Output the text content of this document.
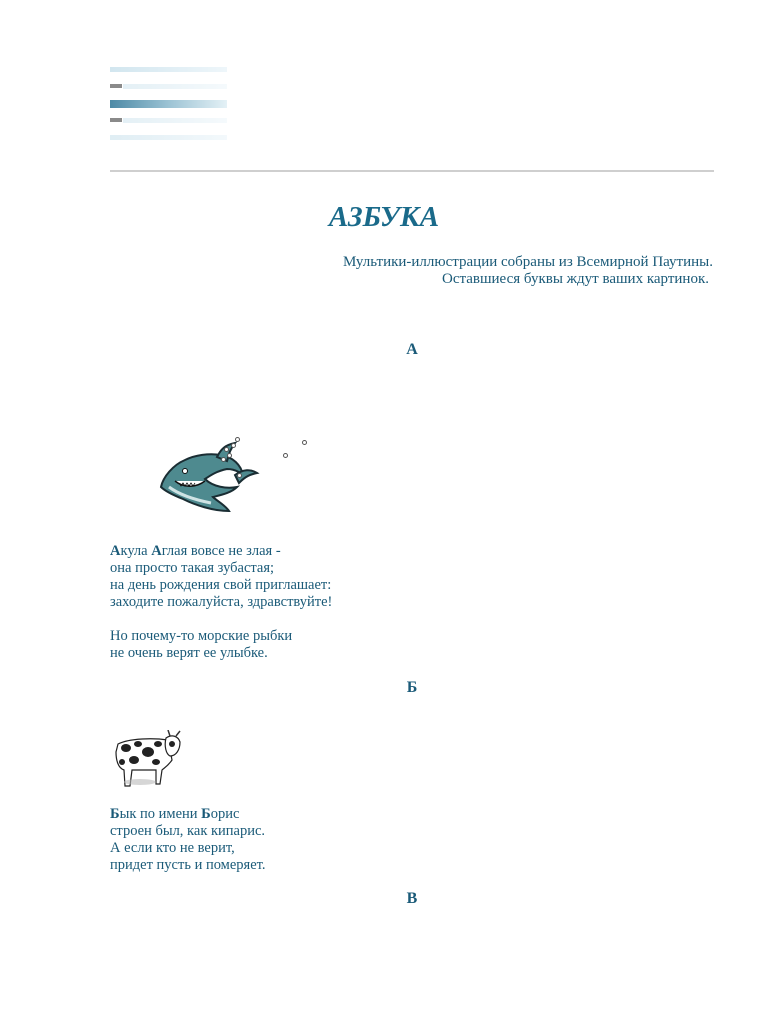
АЗБУКА
Мультики-иллюстрации собраны из Всемирной Паутины.
Оставшиеся буквы ждут ваших картинок.
А

Акула Аглая вовсе не злая -

она просто такая зубастая;

на день рождения свой приглашает:

заходите пожалуйста, здравствуйте!

Но почему-то морские рыбки

не очень верят ее улыбке.

Б

Бык по имени Борис

строен был, как кипарис.

А если кто не верит,

придет пусть и померяет.

В
